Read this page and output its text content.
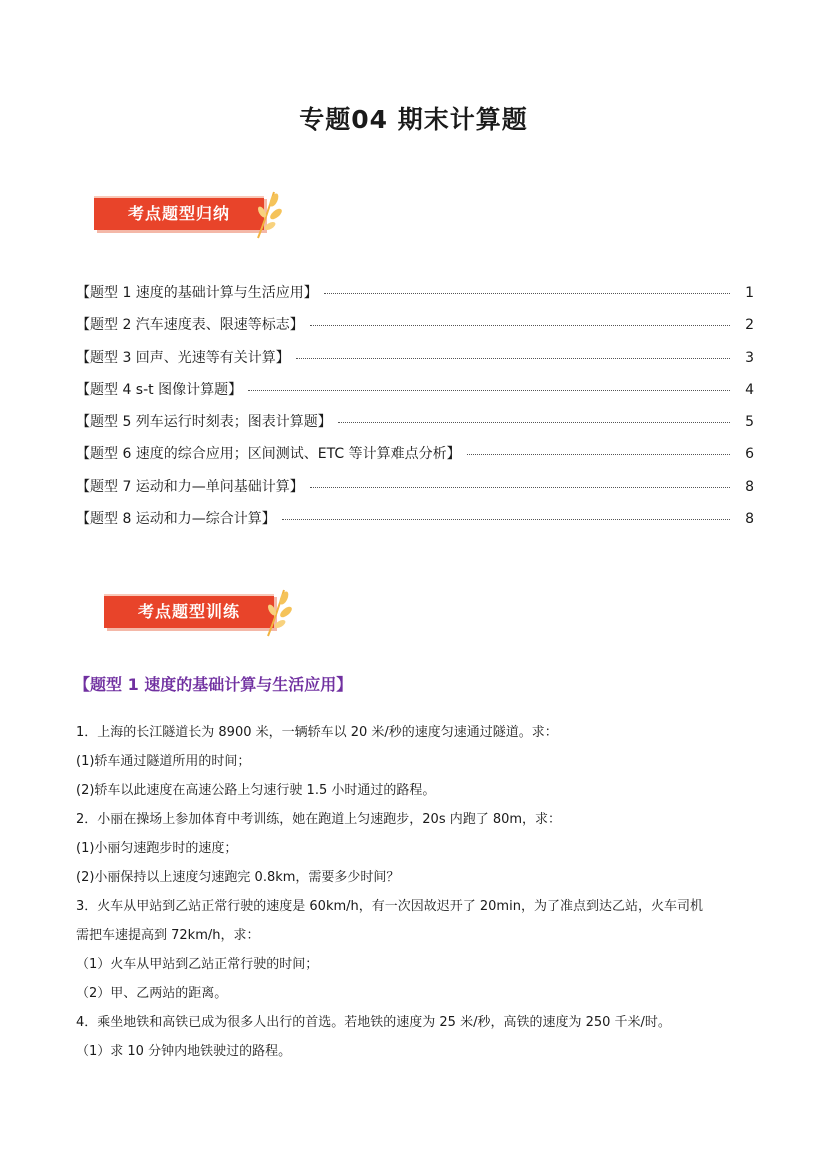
专题04 期末计算题
考点题型归纳
【题型 1 速度的基础计算与生活应用】	1
【题型 2 汽车速度表、限速等标志】	2
【题型 3 回声、光速等有关计算】	3
【题型 4 s-t 图像计算题】	4
【题型 5 列车运行时刻表；图表计算题】	5
【题型 6 速度的综合应用；区间测试、ETC 等计算难点分析】	6
【题型 7 运动和力—单问基础计算】	8
【题型 8 运动和力—综合计算】	8
考点题型训练
【题型 1 速度的基础计算与生活应用】
1．上海的长江隧道长为 8900 米，一辆轿车以 20 米/秒的速度匀速通过隧道。求：
(1)轿车通过隧道所用的时间；
(2)轿车以此速度在高速公路上匀速行驶 1.5 小时通过的路程。
2．小丽在操场上参加体育中考训练，她在跑道上匀速跑步，20s 内跑了 80m，求：
(1)小丽匀速跑步时的速度；
(2)小丽保持以上速度匀速跑完 0.8km，需要多少时间？
3．火车从甲站到乙站正常行驶的速度是 60km/h，有一次因故迟开了 20min，为了准点到达乙站，火车司机
需把车速提高到 72km/h，求：
（1）火车从甲站到乙站正常行驶的时间；
（2）甲、乙两站的距离。
4．乘坐地铁和高铁已成为很多人出行的首选。若地铁的速度为 25 米/秒，高铁的速度为 250 千米/时。
（1）求 10 分钟内地铁驶过的路程。
